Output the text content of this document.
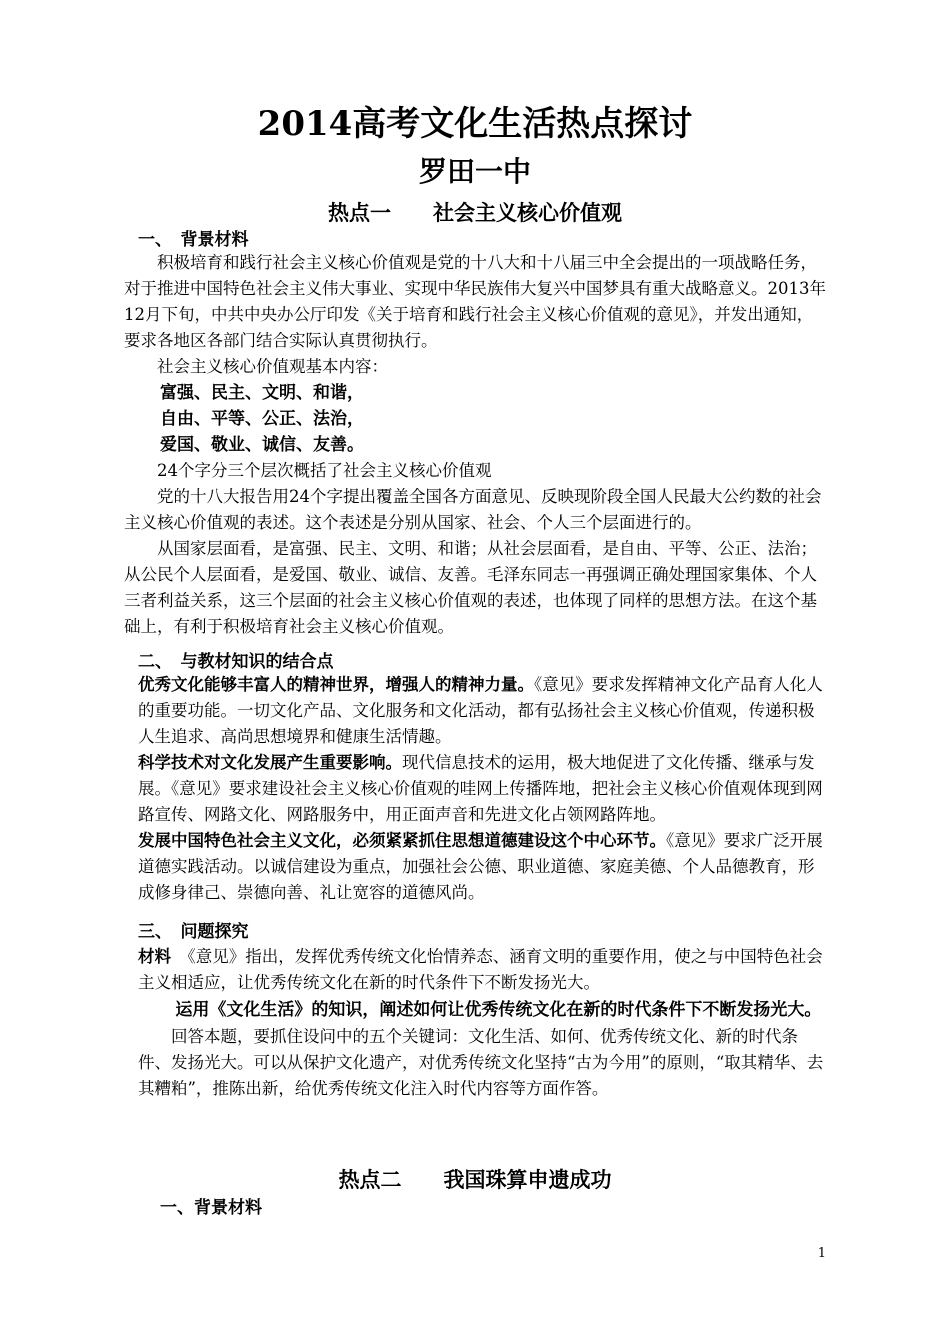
2014高考文化生活热点探讨
罗田一中
热点一　　社会主义核心价值观
一、　背景材料

积极培育和践行社会主义核心价值观是党的十八大和十八届三中全会提出的一项战略任务，对于推进中国特色社会主义伟大事业、实现中华民族伟大复兴中国梦具有重大战略意义。2013年12月下旬，中共中央办公厅印发《关于培育和践行社会主义核心价值观的意见》，并发出通知，要求各地区各部门结合实际认真贯彻执行。

社会主义核心价值观基本内容：

富强、民主、文明、和谐，

自由、平等、公正、法治，

爱国、敬业、诚信、友善。

24个字分三个层次概括了社会主义核心价值观

党的十八大报告用24个字提出覆盖全国各方面意见、反映现阶段全国人民最大公约数的社会主义核心价值观的表述。这个表述是分别从国家、社会、个人三个层面进行的。

从国家层面看，是富强、民主、文明、和谐；从社会层面看，是自由、平等、公正、法治；从公民个人层面看，是爱国、敬业、诚信、友善。毛泽东同志一再强调正确处理国家集体、个人三者利益关系，这三个层面的社会主义核心价值观的表述，也体现了同样的思想方法。在这个基础上，有利于积极培育社会主义核心价值观。

二、　与教材知识的结合点

优秀文化能够丰富人的精神世界，增强人的精神力量。《意见》要求发挥精神文化产品育人化人的重要功能。一切文化产品、文化服务和文化活动，都有弘扬社会主义核心价值观，传递积极人生追求、高尚思想境界和健康生活情趣。

科学技术对文化发展产生重要影响。现代信息技术的运用，极大地促进了文化传播、继承与发展。《意见》要求建设社会主义核心价值观的哇网上传播阵地，把社会主义核心价值观体现到网路宣传、网路文化、网路服务中，用正面声音和先进文化占领网路阵地。

发展中国特色社会主义文化，必须紧紧抓住思想道德建设这个中心环节。《意见》要求广泛开展道德实践活动。以诚信建设为重点，加强社会公德、职业道德、家庭美德、个人品德教育，形成修身律己、崇德向善、礼让宽容的道德风尚。

三、　问题探究

材料　 《意见》指出，发挥优秀传统文化怡情养态、涵育文明的重要作用，使之与中国特色社会主义相适应，让优秀传统文化在新的时代条件下不断发扬光大。

运用《文化生活》的知识，阐述如何让优秀传统文化在新的时代条件下不断发扬光大。

回答本题，要抓住设问中的五个关键词：文化生活、如何、优秀传统文化、新的时代条件、发扬光大。可以从保护文化遗产，对优秀传统文化坚持“古为今用”的原则，“取其精华、去其糟粕”，推陈出新，给优秀传统文化注入时代内容等方面作答。

热点二　　我国珠算申遗成功
一、背景材料
1
